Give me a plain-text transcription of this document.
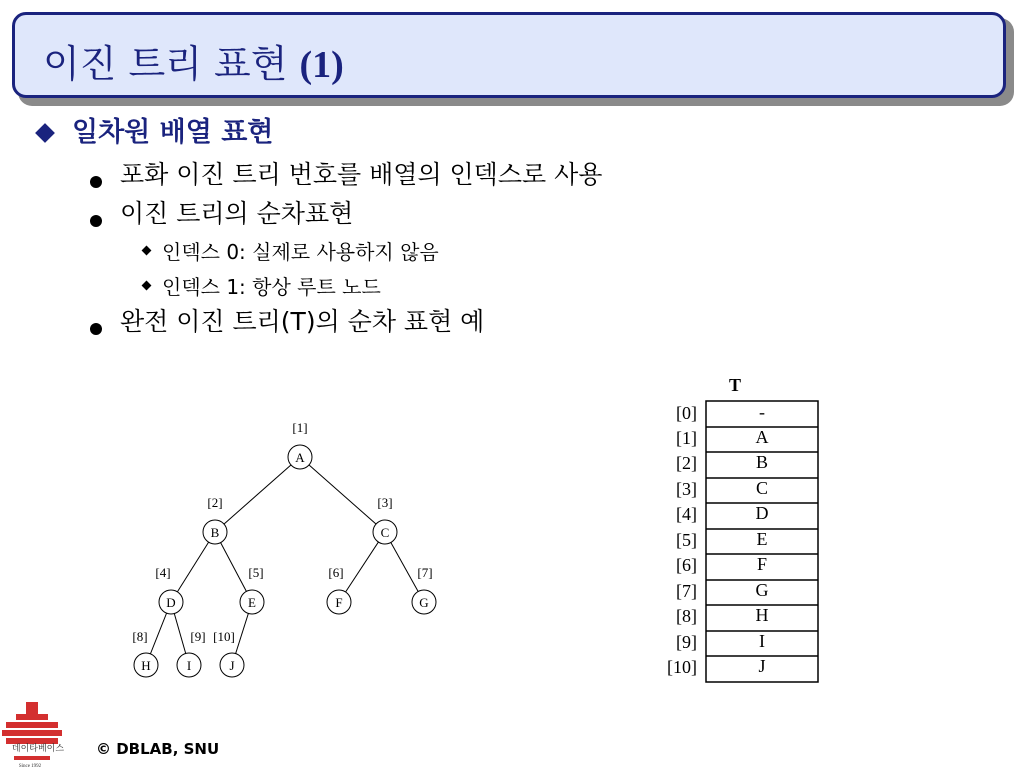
이진 트리 표현 (1)
일차원 배열 표현
포화 이진 트리 번호를 배열의 인덱스로 사용
이진 트리의 순차표현
인덱스 0: 실제로 사용하지 않음
인덱스 1: 항상 루트 노드
완전 이진 트리(T)의 순차 표현 예
A
[1]
B
[2]
C
[3]
D
[4]
E
[5]
F
[6]
G
[7]
H
[8]
I
[9]
J
[10]
T
[0]	-
[1]	A
[2]	B
[3]	C
[4]	D
[5]	E
[6]	F
[7]	G
[8]	H
[9]	I
[10]	J
데이타베이스
Since 1992
© DBLAB, SNU
